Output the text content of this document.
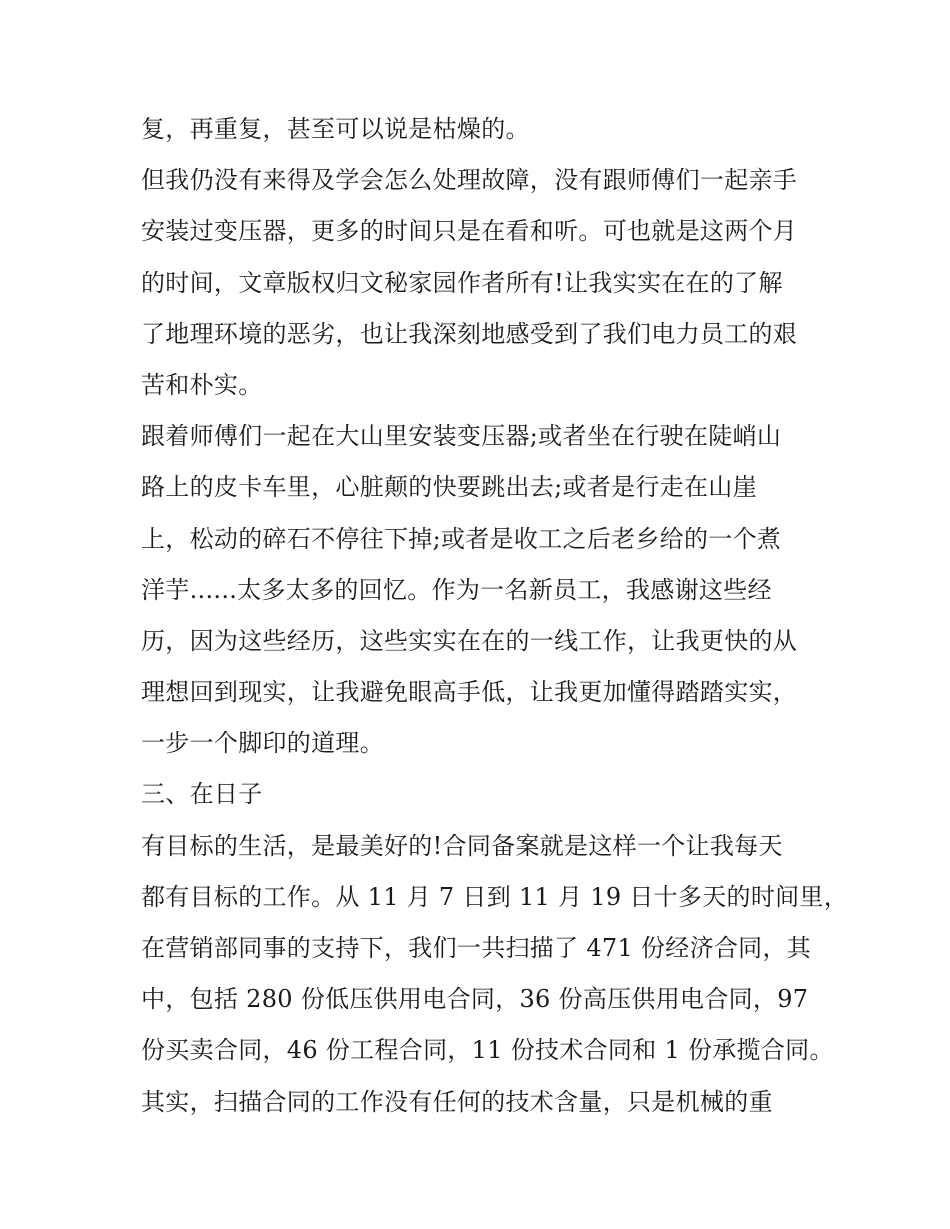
复，再重复，甚至可以说是枯燥的。
但我仍没有来得及学会怎么处理故障，没有跟师傅们一起亲手
安装过变压器，更多的时间只是在看和听。可也就是这两个月
的时间，文章版权归文秘家园作者所有!让我实实在在的了解
了地理环境的恶劣，也让我深刻地感受到了我们电力员工的艰
苦和朴实。
跟着师傅们一起在大山里安装变压器;或者坐在行驶在陡峭山
路上的皮卡车里，心脏颠的快要跳出去;或者是行走在山崖
上，松动的碎石不停往下掉;或者是收工之后老乡给的一个煮
洋芋......太多太多的回忆。作为一名新员工，我感谢这些经
历，因为这些经历，这些实实在在的一线工作，让我更快的从
理想回到现实，让我避免眼高手低，让我更加懂得踏踏实实，
一步一个脚印的道理。
三、在日子
有目标的生活，是最美好的!合同备案就是这样一个让我每天
都有目标的工作。从 11 月 7 日到 11 月 19 日十多天的时间里，
在营销部同事的支持下，我们一共扫描了 471 份经济合同，其
中，包括 280 份低压供用电合同，36 份高压供用电合同，97
份买卖合同，46 份工程合同，11 份技术合同和 1 份承揽合同。
其实，扫描合同的工作没有任何的技术含量，只是机械的重
